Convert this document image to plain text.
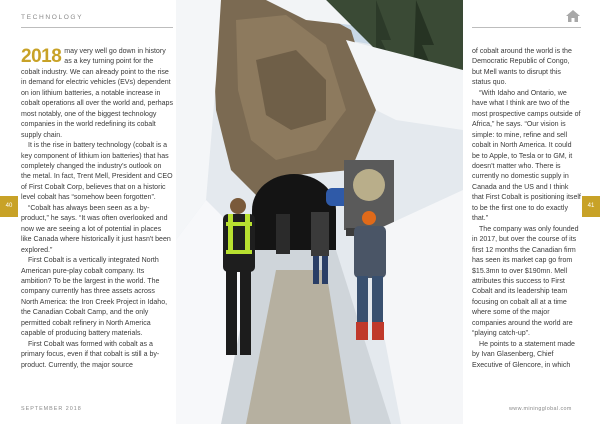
TECHNOLOGY

2018 may very well go down in history as a key turning point for the cobalt industry. We can already point to the rise in demand for electric vehicles (EVs) dependent on ion lithium batteries, a notable increase in cobalt operations all over the world and, perhaps most notably, one of the biggest technology companies in the world redefining its cobalt supply chain.

It is the rise in battery technology (cobalt is a key component of lithium ion batteries) that has completely changed the industry's outlook on the metal. In fact, Trent Mell, President and CEO of First Cobalt Corp, believes that on a historic level cobalt has “somehow been forgotten”.

“Cobalt has always been seen as a by-product,” he says. “It was often overlooked and now we are seeing a lot of potential in places like Canada where historically it just hasn't been explored.”

First Cobalt is a vertically integrated North American pure-play cobalt company. Its ambition? To be the largest in the world. The company currently has three assets across North America: the Iron Creek Project in Idaho, the Canadian Cobalt Camp, and the only permitted cobalt refinery in North America capable of producing battery materials.

First Cobalt was formed with cobalt as a primary focus, even if that cobalt is still a by-product. Currently, the major source

of cobalt around the world is the Democratic Republic of Congo, but Mell wants to disrupt this status quo.

“With Idaho and Ontario, we have what I think are two of the most prospective camps outside of Africa,” he says. “Our vision is simple: to mine, refine and sell cobalt in North America. It could be to Apple, to Tesla or to GM, it doesn't matter who. There is currently no domestic supply in Canada and the US and I think that First Cobalt is positioning itself to be the first one to do exactly that.”

The company was only founded in 2017, but over the course of its first 12 months the Canadian firm has seen its market cap go from $15.3mn to over $190mn. Mell attributes this success to First Cobalt and its leadership team focusing on cobalt all at a time where some of the major companies around the world are “playing catch-up”.

He points to a statement made by Ivan Glasenberg, Chief Executive of Glencore, in which

40	41
SEPTEMBER 2018	www.miningglobal.com
